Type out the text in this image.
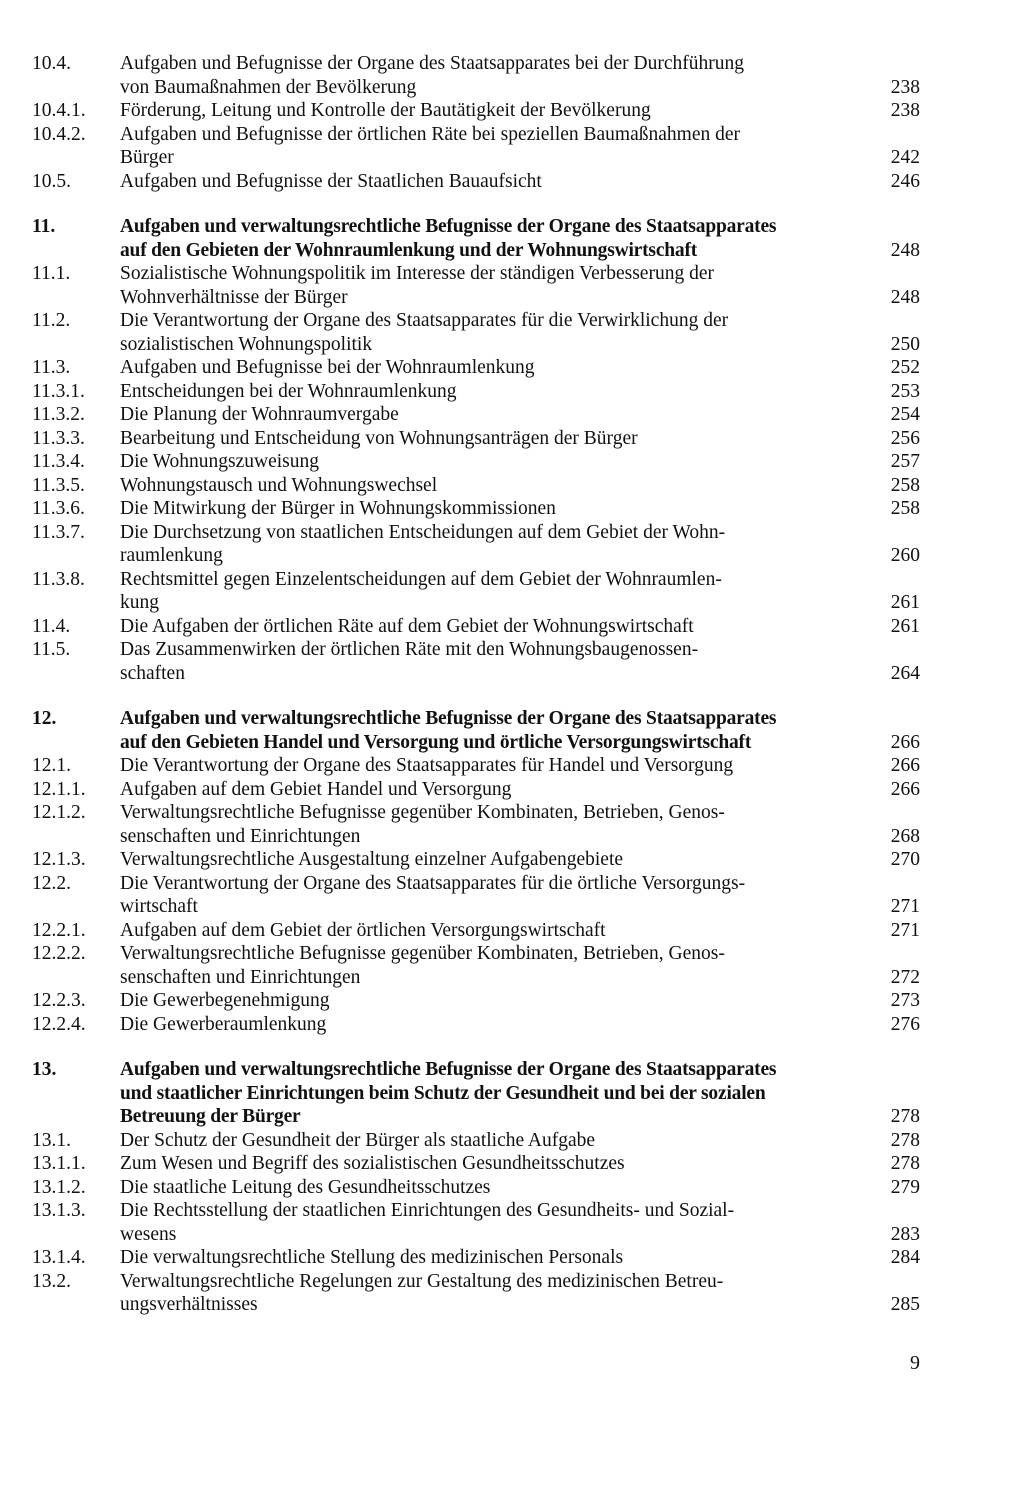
10.4.	Aufgaben und Befugnisse der Organe des Staatsapparates bei der Durchführung
von Baumaßnahmen der Bevölkerung	238
10.4.1.	Förderung, Leitung und Kontrolle der Bautätigkeit der Bevölkerung	238
10.4.2.	Aufgaben und Befugnisse der örtlichen Räte bei speziellen Baumaßnahmen der
Bürger	242
10.5.	Aufgaben und Befugnisse der Staatlichen Bauaufsicht	246
11.	Aufgaben und verwaltungsrechtliche Befugnisse der Organe des Staatsapparates
auf den Gebieten der Wohnraumlenkung und der Wohnungswirtschaft	248
11.1.	Sozialistische Wohnungspolitik im Interesse der ständigen Verbesserung der
Wohnverhältnisse der Bürger	248
11.2.	Die Verantwortung der Organe des Staatsapparates für die Verwirklichung der
sozialistischen Wohnungspolitik	250
11.3.	Aufgaben und Befugnisse bei der Wohnraumlenkung	252
11.3.1.	Entscheidungen bei der Wohnraumlenkung	253
11.3.2.	Die Planung der Wohnraumvergabe	254
11.3.3.	Bearbeitung und Entscheidung von Wohnungsanträgen der Bürger	256
11.3.4.	Die Wohnungszuweisung	257
11.3.5.	Wohnungstausch und Wohnungswechsel	258
11.3.6.	Die Mitwirkung der Bürger in Wohnungskommissionen	258
11.3.7.	Die Durchsetzung von staatlichen Entscheidungen auf dem Gebiet der Wohn-
raumlenkung	260
11.3.8.	Rechtsmittel gegen Einzelentscheidungen auf dem Gebiet der Wohnraumlen-
kung	261
11.4.	Die Aufgaben der örtlichen Räte auf dem Gebiet der Wohnungswirtschaft	261
11.5.	Das Zusammenwirken der örtlichen Räte mit den Wohnungsbaugenossen-
schaften	264
12.	Aufgaben und verwaltungsrechtliche Befugnisse der Organe des Staatsapparates
auf den Gebieten Handel und Versorgung und örtliche Versorgungswirtschaft	266
12.1.	Die Verantwortung der Organe des Staatsapparates für Handel und Versorgung	266
12.1.1.	Aufgaben auf dem Gebiet Handel und Versorgung	266
12.1.2.	Verwaltungsrechtliche Befugnisse gegenüber Kombinaten, Betrieben, Genos-
senschaften und Einrichtungen	268
12.1.3.	Verwaltungsrechtliche Ausgestaltung einzelner Aufgabengebiete	270
12.2.	Die Verantwortung der Organe des Staatsapparates für die örtliche Versorgungs-
wirtschaft	271
12.2.1.	Aufgaben auf dem Gebiet der örtlichen Versorgungswirtschaft	271
12.2.2.	Verwaltungsrechtliche Befugnisse gegenüber Kombinaten, Betrieben, Genos-
senschaften und Einrichtungen	272
12.2.3.	Die Gewerbegenehmigung	273
12.2.4.	Die Gewerberaumlenkung	276
13.	Aufgaben und verwaltungsrechtliche Befugnisse der Organe des Staatsapparates
und staatlicher Einrichtungen beim Schutz der Gesundheit und bei der sozialen
Betreuung der Bürger	278
13.1.	Der Schutz der Gesundheit der Bürger als staatliche Aufgabe	278
13.1.1.	Zum Wesen und Begriff des sozialistischen Gesundheitsschutzes	278
13.1.2.	Die staatliche Leitung des Gesundheitsschutzes	279
13.1.3.	Die Rechtsstellung der staatlichen Einrichtungen des Gesundheits- und Sozial-
wesens	283
13.1.4.	Die verwaltungsrechtliche Stellung des medizinischen Personals	284
13.2.	Verwaltungsrechtliche Regelungen zur Gestaltung des medizinischen Betreu-
ungsverhältnisses	285
9
